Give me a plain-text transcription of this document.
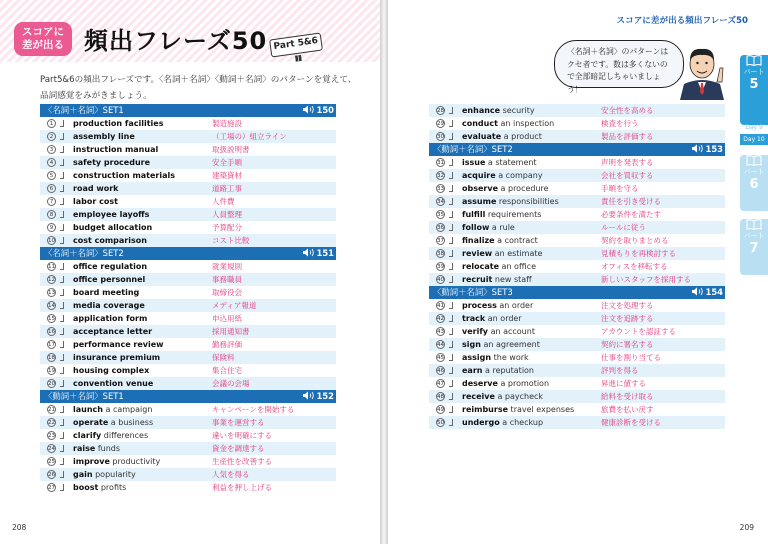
スコアに
差が出る 頻出フレーズ50 Part 5&6
Part5&6の頻出フレーズです。〈名詞＋名詞〉〈動詞＋名詞〉のパターンを覚えて、品詞感覚をみがきましょう。
〈名詞＋名詞〉SET1	150
1	production facilities	製造施設
2	assembly line	（工場の）組立ライン
3	instruction manual	取扱説明書
4	safety procedure	安全手順
5	construction materials	建築資材
6	road work	道路工事
7	labor cost	人件費
8	employee layoffs	人員整理
9	budget allocation	予算配分
10 cost comparison	コスト比較
〈名詞＋名詞〉SET2	151
11 office regulation	就業規則
12 office personnel	事務職員
13 board meeting	取締役会
14 media coverage	メディア報道
15 application form	申込用紙
16 acceptance letter	採用通知書
17 performance review	勤務評価
18 insurance premium	保険料
19 housing complex	集合住宅
20 convention venue	会議の会場
〈動詞＋名詞〉SET1	152
21 launch a campaign	キャンペーンを開始する
22 operate a business	事業を運営する
23 clarify differences	違いを明確にする
24 raise funds	資金を調達する
25 improve productivity	生産性を改善する
26 gain popularity	人気を得る
27 boost profits	利益を押し上げる
208
スコアに差が出る頻出フレーズ50
〈名詞＋名詞〉のパターンはクセ者です。数は多くないので全部暗記しちゃいましょう！
パート
5
パート
6
パート
7
Day 9
Day 10
209
28 enhance security	安全性を高める
29 conduct an inspection	検査を行う
30 evaluate a product	製品を評価する
〈動詞＋名詞〉SET2	153
31 issue a statement	声明を発表する
32 acquire a company	会社を買収する
33 observe a procedure	手順を守る
34 assume responsibilities	責任を引き受ける
35 fulfill requirements	必要条件を満たす
36 follow a rule	ルールに従う
37 finalize a contract	契約を取りまとめる
38 review an estimate	見積もりを再検討する
39 relocate an office	オフィスを移転する
40 recruit new staff	新しいスタッフを採用する
〈動詞＋名詞〉SET3	154
41 process an order	注文を処理する
42 track an order	注文を追跡する
43 verify an account	アカウントを認証する
44 sign an agreement	契約に署名する
45 assign the work	仕事を割り当てる
46 earn a reputation	評判を得る
47 deserve a promotion	昇進に値する
48 receive a paycheck	給料を受け取る
49 reimburse travel expenses	旅費を払い戻す
50 undergo a checkup	健康診断を受ける
